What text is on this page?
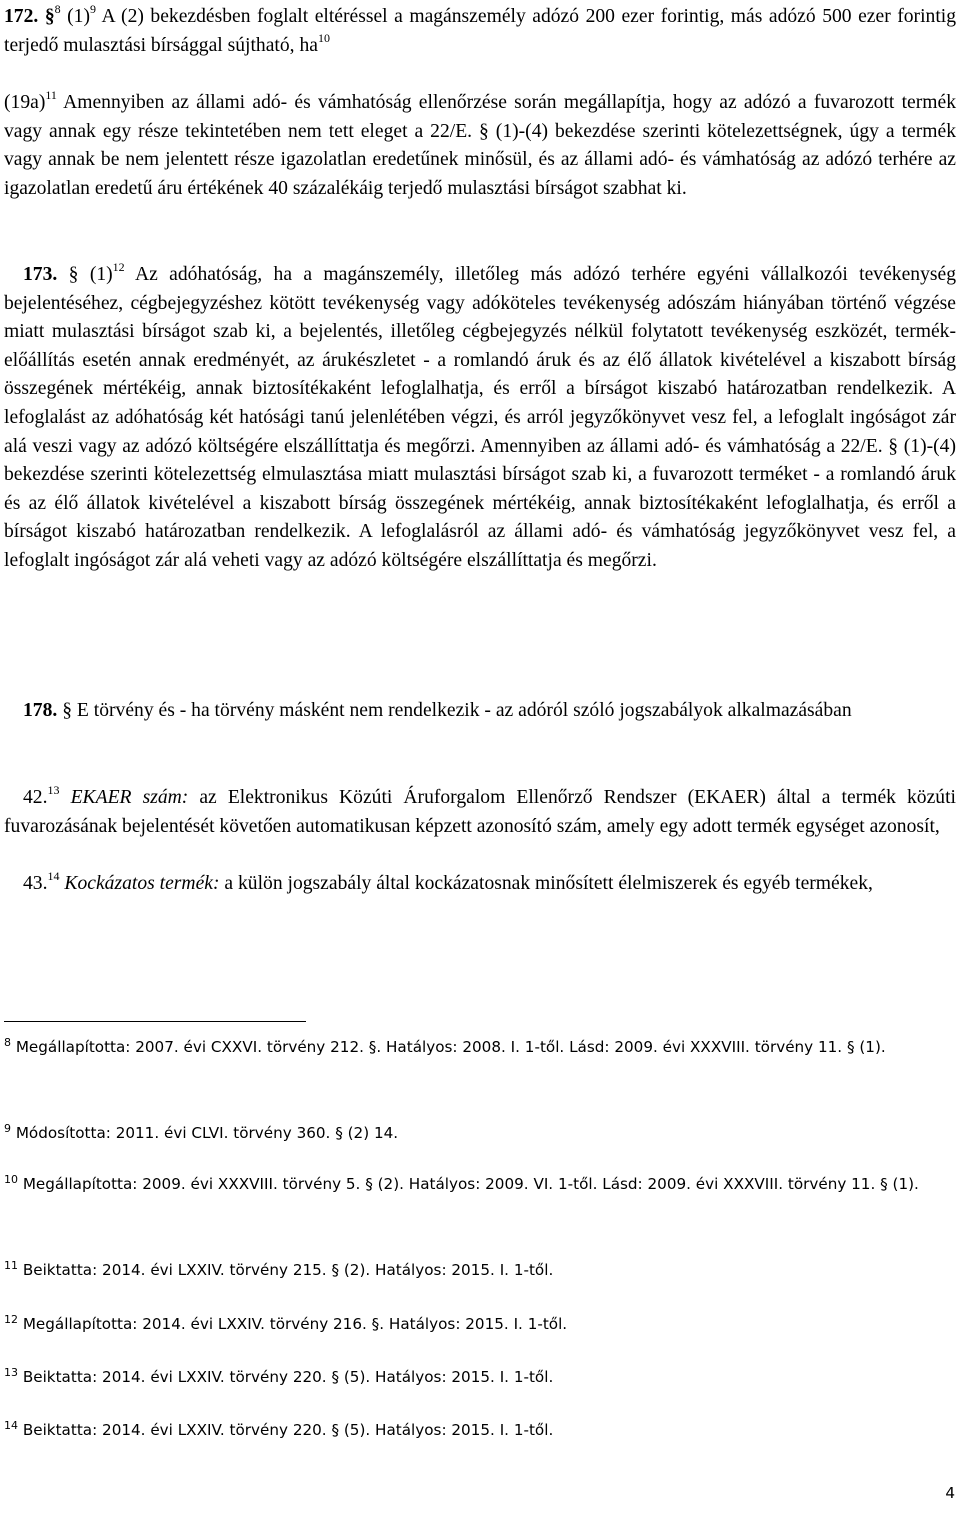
172. §$^8$ $(1)^9$ A (2) bekezdésben foglalt eltéréssel a magánszemély adózó 200 ezer forintig, más adózó 500 ezer forintig terjedő mulasztási bírsággal sújtható, $ha^{10}$

$(19a)^{11}$ Amennyiben az állami adó- és vámhatóság ellenőrzése során megállapítja, hogy az adózó a fuvarozott termék vagy annak egy része tekintetében nem tett eleget a 22/E. § (1)-(4) bekezdése szerinti kötelezettségnek, úgy a termék vagy annak be nem jelentett része igazolatlan eredetűnek minősül, és az állami adó- és vámhatóság az adózó terhére az igazolatlan eredetű áru értékének 40 százalékáig terjedő mulasztási bírságot szabhat ki.

173. § $(1)^{12}$ Az adóhatóság, ha a magánszemély, illetőleg más adózó terhére egyéni vállalkozói tevékenység bejelentéséhez, cégbejegyzéshez kötött tevékenység vagy adóköteles tevékenység adószám hiányában történő végzése miatt mulasztási bírságot szab ki, a bejelentés, illetőleg cégbejegyzés nélkül folytatott tevékenység eszközét, termék-előállítás esetén annak eredményét, az árukészletet - a romlandó áruk és az élő állatok kivételével a kiszabott bírság összegének mértékéig, annak biztosítékaként lefoglalhatja, és erről a bírságot kiszabó határozatban rendelkezik. A lefoglalást az adóhatóság két hatósági tanú jelenlétében végzi, és arról jegyzőkönyvet vesz fel, a lefoglalt ingóságot zár alá veszi vagy az adózó költségére elszállíttatja és megőrzi. Amennyiben az állami adó- és vámhatóság a 22/E. § (1)-(4) bekezdése szerinti kötelezettség elmulasztása miatt mulasztási bírságot szab ki, a fuvarozott terméket - a romlandó áruk és az élő állatok kivételével a kiszabott bírság összegének mértékéig, annak biztosítékaként lefoglalhatja, és erről a bírságot kiszabó határozatban rendelkezik. A lefoglalásról az állami adó- és vámhatóság jegyzőkönyvet vesz fel, a lefoglalt ingóságot zár alá veheti vagy az adózó költségére elszállíttatja és megőrzi.

178. § E törvény és - ha törvény másként nem rendelkezik - az adóról szóló jogszabályok alkalmazásában

42.13 EKAER szám: az Elektronikus Közúti Áruforgalom Ellenőrző Rendszer (EKAER) által a termék közúti fuvarozásának bejelentését követően automatikusan képzett azonosító szám, amely egy adott termék egységet azonosít,

43.14 Kockázatos termék: a külön jogszabály által kockázatosnak minősített élelmiszerek és egyéb termékek,

$^8$ Megállapította: 2007. évi CXXVI. törvény 212. §. Hatályos: 2008. I. 1-től. Lásd: 2009. évi XXXVIII. törvény 11. § (1).
$^9$ Módosította: 2011. évi CLVI. törvény 360. § (2) 14.
$^{10}$ Megállapította: 2009. évi XXXVIII. törvény 5. § (2). Hatályos: 2009. VI. 1-től. Lásd: 2009. évi XXXVIII. törvény 11. § (1).
$^{11}$ Beiktatta: 2014. évi LXXIV. törvény 215. § (2). Hatályos: 2015. I. 1-től.
$^{12}$ Megállapította: 2014. évi LXXIV. törvény 216. §. Hatályos: 2015. I. 1-től.
$^{13}$ Beiktatta: 2014. évi LXXIV. törvény 220. § (5). Hatályos: 2015. I. 1-től.
$^{14}$ Beiktatta: 2014. évi LXXIV. törvény 220. § (5). Hatályos: 2015. I. 1-től.
4
